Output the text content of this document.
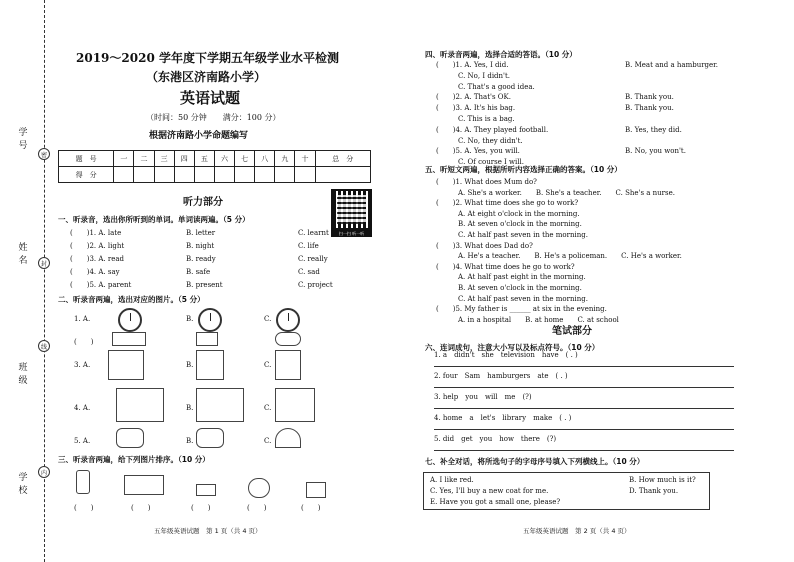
学 号
姓 名
班 级
学 校
密
封
线
内
2019～2020 学年度下学期五年级学业水平检测
（东港区济南路小学）
英语试题
（时间：50 分钟　　满分：100 分）
根据济南路小学命题编写
题　号	一	二	三	四	五	六	七	八	九	十	总　分
得　分											
扫一扫 听一听
听力部分
一、听录音，选出你所听到的单词。单词读两遍。（5 分）
(　　)1. A. late	B. letter	C. learnt
(　　)2. A. light	B. night	C. life
(　　)3. A. read	B. ready	C. really
(　　)4. A. say	B. safe	C. sad
(　　)5. A. parent	B. present	C. project
二、听录音两遍，选出对应的图片。（5 分）
1. A.	B.	C.
(　　)
3. A.	B.	C.
4. A.	B.	C.
5. A.	B.	C.
三、听录音两遍，给下列图片排序。（10 分）
(　　)	(　　)	(　　)	(　　)	(　　)
五年级英语试题　第 1 页（共 4 页）
四、听录音两遍，选择合适的答语。（10 分）
(　　)1. A. Yes, I did.	B. Meat and a hamburger.
C. No, I didn't.
C. That's a good idea.
(　　)2. A. That's OK.	B. Thank you.
(　　)3. A. It's his bag.	B. Thank you.
C. This is a bag.
(　　)4. A. They played football.	B. Yes, they did.
C. No, they didn't.
(　　)5. A. Yes, you will.	B. No, you won't.
C. Of course I will.
五、听短文两遍，根据所听内容选择正确的答案。（10 分）
(　　)1. What does Mum do?
A. She's a worker.　　B. She's a teacher.　　C. She's a nurse.
(　　)2. What time does she go to work?
A. At eight o'clock in the morning.
B. At seven o'clock in the morning.
C. At half past seven in the morning.
(　　)3. What does Dad do?
A. He's a teacher.　　B. He's a policeman.　　C. He's a worker.
(　　)4. What time does he go to work?
A. At half past eight in the morning.
B. At seven o'clock in the morning.
C. At half past seven in the morning.
(　　)5. My father is ______ at six in the evening.
A. in a hospital　　B. at home　　C. at school
笔试部分
六、连词成句，注意大小写以及标点符号。（10 分）
1. a　didn't　she　television　have　( . )
2. four　Sam　hamburgers　ate　( . )
3. help　you　will　me　(?)
4. home　a　let's　library　make　( . )
5. did　get　you　how　there　(?)
七、补全对话，将所选句子的字母序号填入下列横线上。（10 分）
A. I like red.	B. How much is it?
C. Yes, I'll buy a new coat for me.	D. Thank you.
E. Have you got a small one, please?
五年级英语试题　第 2 页（共 4 页）
